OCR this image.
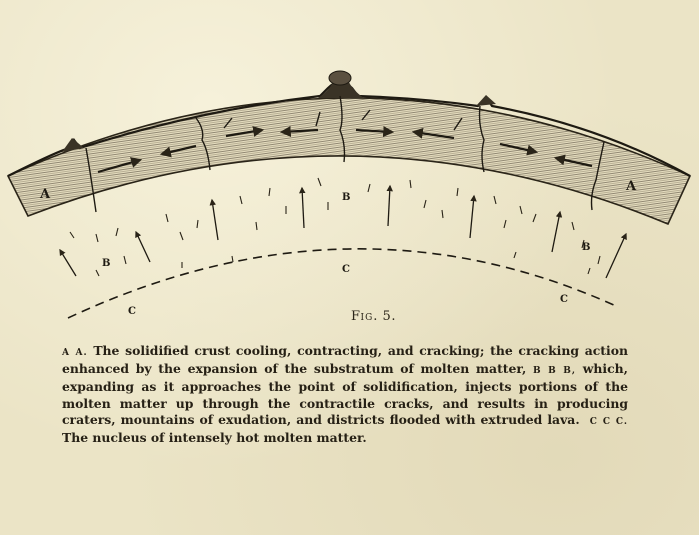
A
A
B
B
B
C
C
C
FIG. 5.
A A. The solidified crust cooling, contracting, and cracking; the cracking action enhanced by the expansion of the substratum of molten matter, B B B, which, expanding as it approaches the point of solidification, injects portions of the molten matter up through the contractile cracks, and results in producing craters, mountains of exudation, and districts flooded with extruded lava. C C C. The nucleus of intensely hot molten matter.
